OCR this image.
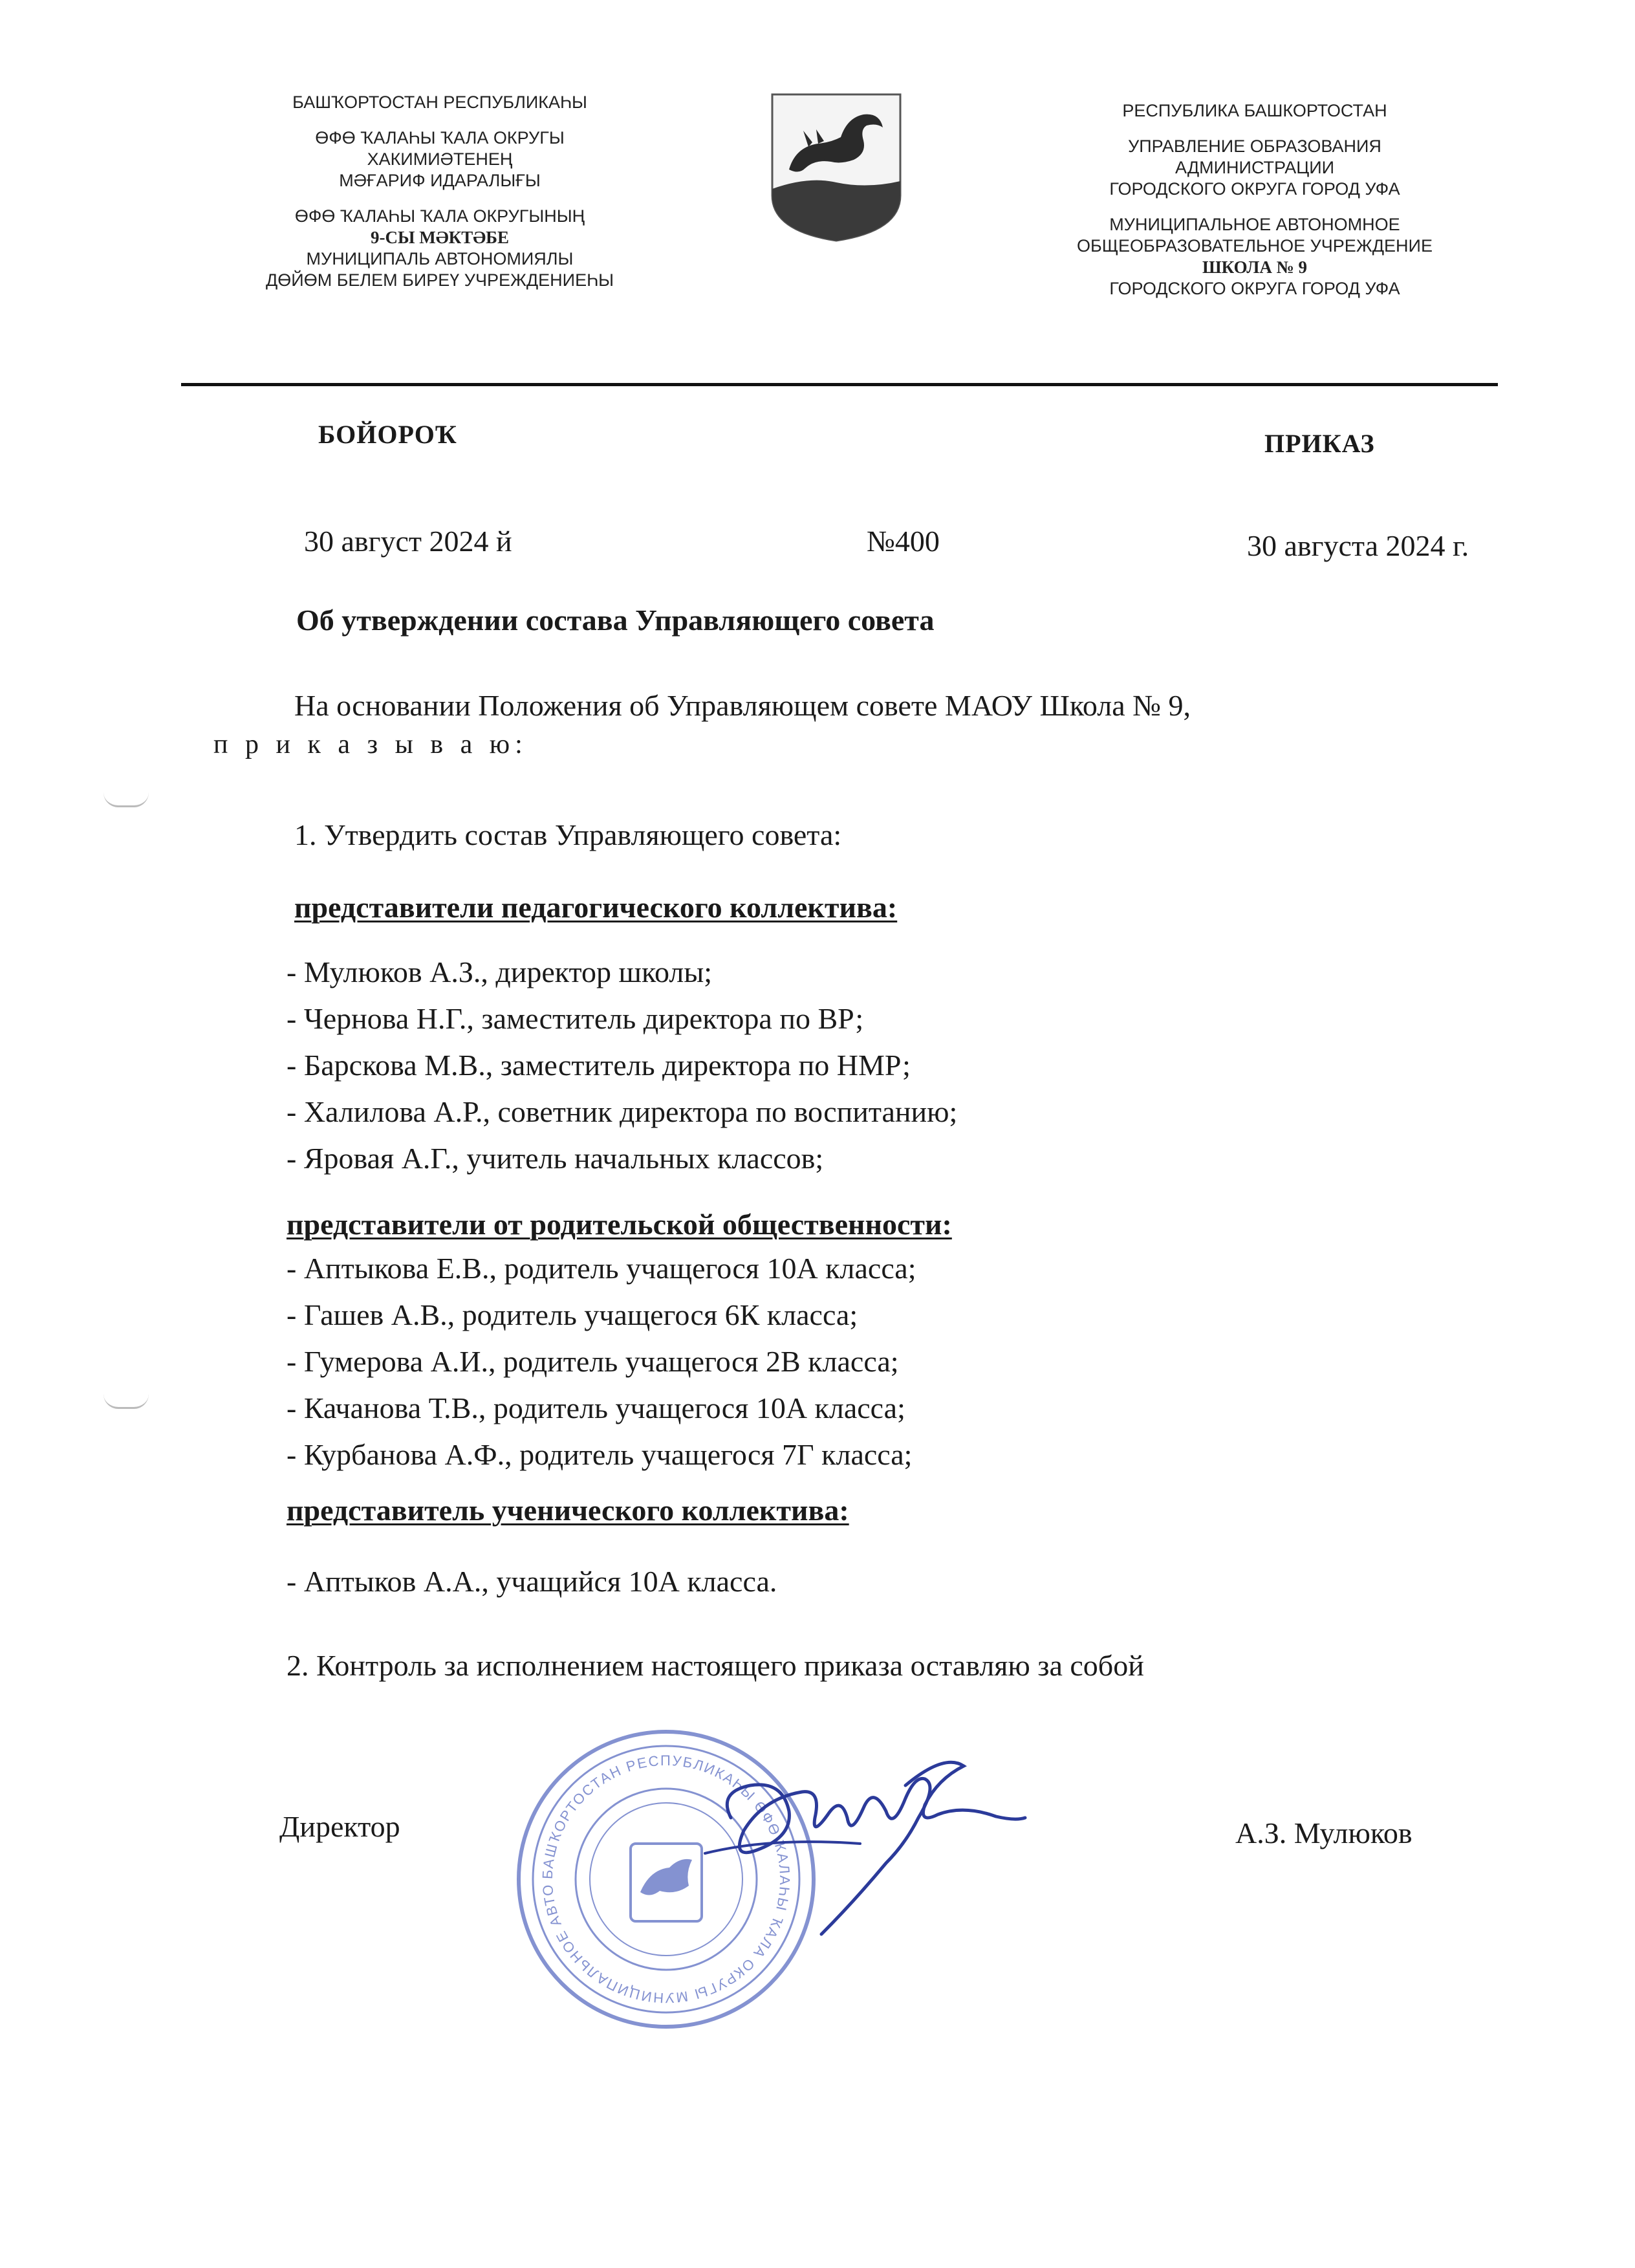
БАШҠОРТОСТАН РЕСПУБЛИКАҺЫ
ӨФӨ ҠАЛАҺЫ ҠАЛА ОКРУГЫ
ХАКИМИӘТЕНЕҢ
МӘҒАРИФ ИДАРАЛЫҒЫ
ӨФӨ ҠАЛАҺЫ ҠАЛА ОКРУГЫНЫҢ
9-СЫ МӘКТӘБЕ
МУНИЦИПАЛЬ АВТОНОМИЯЛЫ
ДӨЙӨМ БЕЛЕМ БИРЕҮ УЧРЕЖДЕНИЕҺЫ
РЕСПУБЛИКА БАШКОРТОСТАН
УПРАВЛЕНИЕ ОБРАЗОВАНИЯ
АДМИНИСТРАЦИИ
ГОРОДСКОГО ОКРУГА ГОРОД УФА
МУНИЦИПАЛЬНОЕ АВТОНОМНОЕ
ОБЩЕОБРАЗОВАТЕЛЬНОЕ УЧРЕЖДЕНИЕ
ШКОЛА № 9
ГОРОДСКОГО ОКРУГА ГОРОД УФА
БОЙОРОҠ	ПРИКАЗ
30 август 2024 й	№400	30 августа 2024 г.
Об утверждении состава Управляющего совета
На основании Положения об Управляющем совете МАОУ Школа № 9,
п р и к а з ы в а ю:
1. Утвердить состав Управляющего совета:
представители педагогического коллектива:
- Мулюков А.З., директор школы;
- Чернова Н.Г., заместитель директора по ВР;
- Барскова М.В., заместитель директора по НМР;
- Халилова А.Р., советник директора по воспитанию;
- Яровая А.Г., учитель начальных классов;
представители от родительской общественности:
- Аптыкова Е.В., родитель учащегося 10А класса;
- Гашев А.В., родитель учащегося 6К класса;
- Гумерова А.И., родитель учащегося 2В класса;
- Качанова Т.В., родитель учащегося 10А класса;
- Курбанова А.Ф., родитель учащегося 7Г класса;
представитель ученического коллектива:
- Аптыков А.А., учащийся 10А класса.
2. Контроль за исполнением настоящего приказа оставляю за собой
Директор	А.З. Мулюков
БАШҠОРТОСТАН РЕСПУБЛИКАҺЫ ӨФӨ ҠАЛАҺЫ ҠАЛА ОКРУГЫ МУНИЦИПАЛЬНОЕ АВТО
